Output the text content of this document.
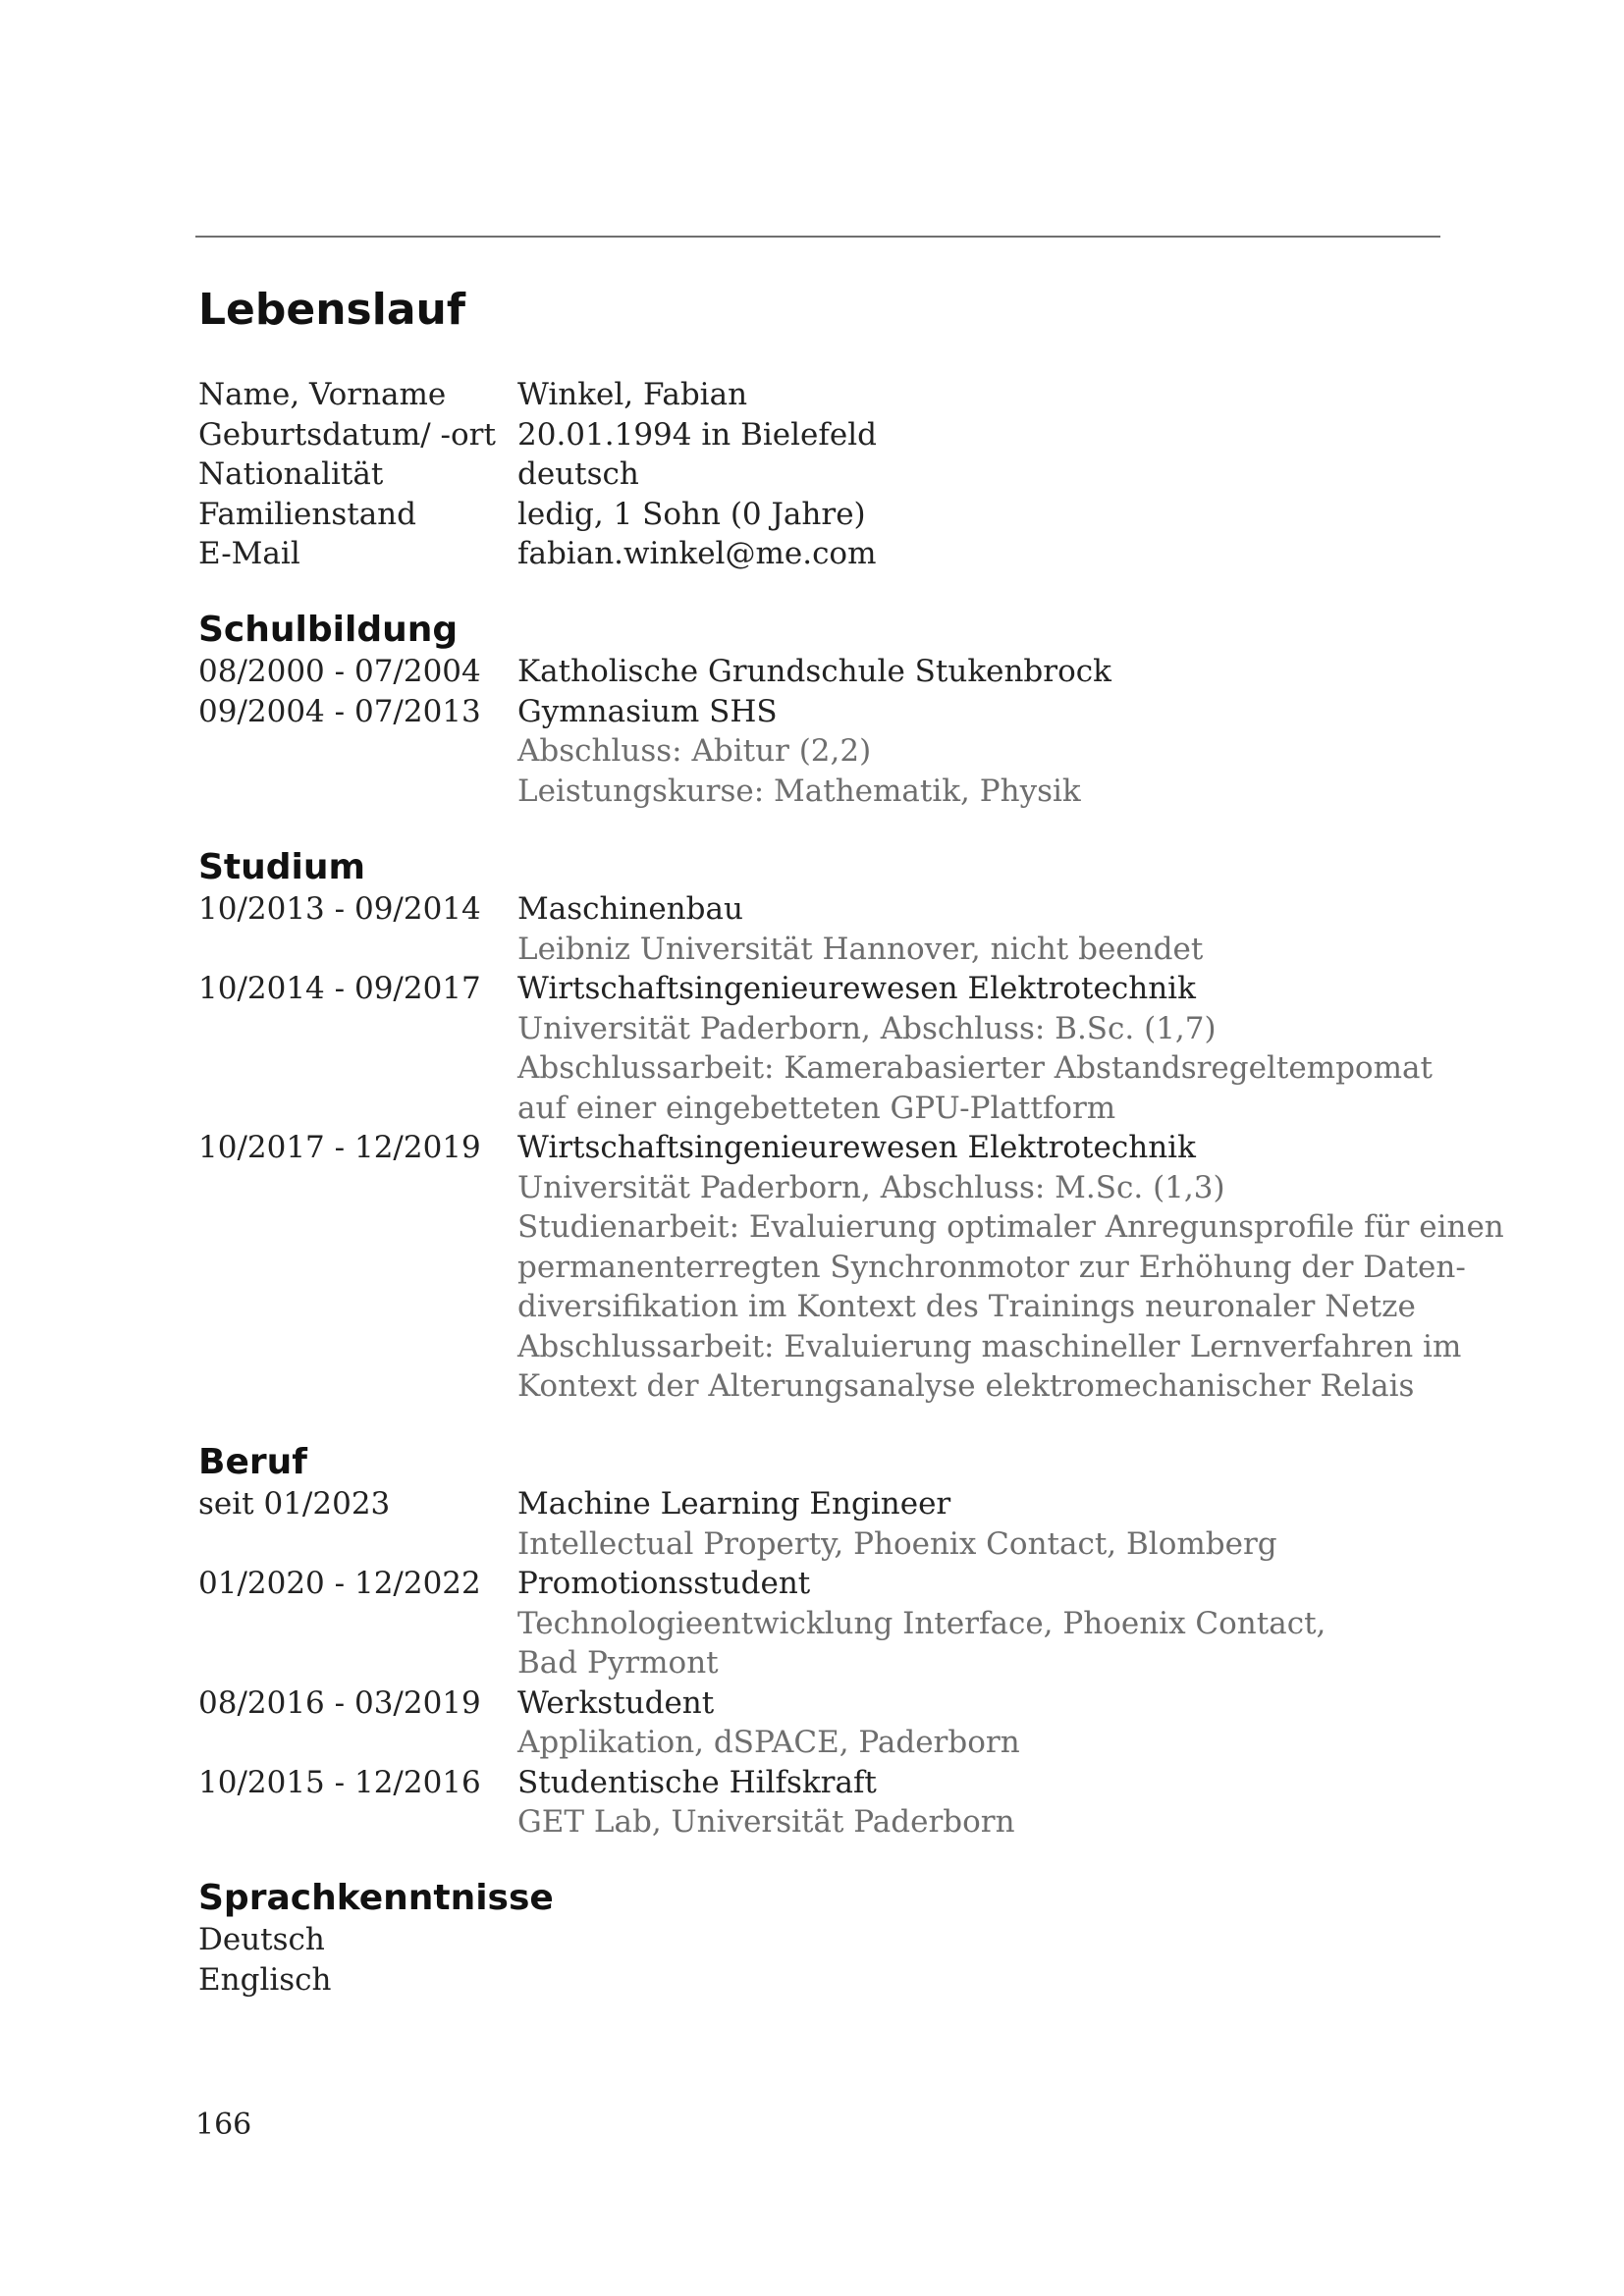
Lebenslauf
Name, Vorname	Winkel, Fabian
Geburtsdatum/ -ort 20.01.1994 in Bielefeld
Nationalität	deutsch
Familienstand	ledig, 1 Sohn (0 Jahre)
E-Mail	fabian.winkel@me.com
Schulbildung
08/2000 - 07/2004	Katholische Grundschule Stukenbrock
09/2004 - 07/2013	Gymnasium SHS
Abschluss: Abitur (2,2)
Leistungskurse: Mathematik, Physik
Studium
10/2013 - 09/2014	Maschinenbau
Leibniz Universität Hannover, nicht beendet
10/2014 - 09/2017	Wirtschaftsingenieurewesen Elektrotechnik
Universität Paderborn, Abschluss: B.Sc. (1,7)
Abschlussarbeit: Kamerabasierter Abstandsregeltempomat
auf einer eingebetteten GPU-Plattform
10/2017 - 12/2019	Wirtschaftsingenieurewesen Elektrotechnik
Universität Paderborn, Abschluss: M.Sc. (1,3)
Studienarbeit: Evaluierung optimaler Anregunsprofile für einen
permanenterregten Synchronmotor zur Erhöhung der Daten-
diversifikation im Kontext des Trainings neuronaler Netze
Abschlussarbeit: Evaluierung maschineller Lernverfahren im
Kontext der Alterungsanalyse elektromechanischer Relais
Beruf
seit 01/2023	Machine Learning Engineer
Intellectual Property, Phoenix Contact, Blomberg
01/2020 - 12/2022	Promotionsstudent
Technologieentwicklung Interface, Phoenix Contact,
Bad Pyrmont
08/2016 - 03/2019	Werkstudent
Applikation, dSPACE, Paderborn
10/2015 - 12/2016	Studentische Hilfskraft
GET Lab, Universität Paderborn
Sprachkenntnisse
Deutsch
Englisch
166
